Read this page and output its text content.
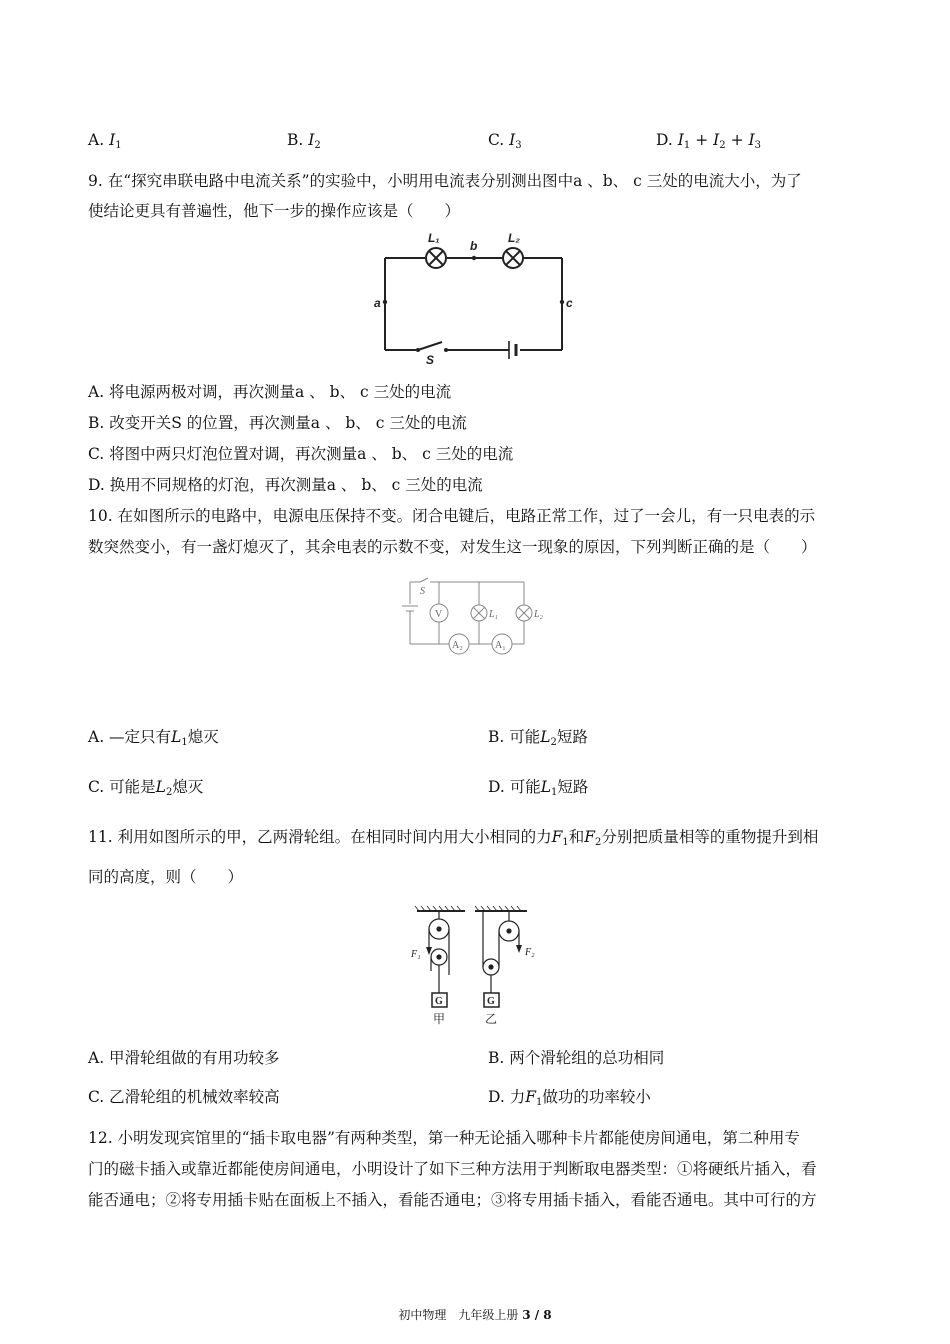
A. $I_1$	B. $I_2$	C. $I_3$	D. $I_1 + I_2 + I_3$
9. 在“探究串联电路中电流关系”的实验中，小明用电流表分别测出图中a 、b、 c 三处的电流大小，为了
使结论更具有普遍性，他下一步的操作应该是（　　）
L₁	L₂
b
a	c
S
A. 将电源两极对调，再次测量a 、 b、 c 三处的电流
B. 改变开关S 的位置，再次测量a 、 b、 c 三处的电流
C. 将图中两只灯泡位置对调，再次测量a 、 b、 c 三处的电流
D. 换用不同规格的灯泡，再次测量a 、 b、 c 三处的电流
10. 在如图所示的电路中，电源电压保持不变。闭合电键后，电路正常工作，过了一会儿，有一只电表的示
数突然变小，有一盏灯熄灭了，其余电表的示数不变，对发生这一现象的原因，下列判断正确的是（　　）
S
V	L₁	L₂
A₂	A₁
A. —定只有$L_1$熄灭	B. 可能$L_2$短路
C. 可能是$L_2$熄灭	D. 可能$L_1$短路
11. 利用如图所示的甲，乙两滑轮组。在相同时间内用大小相同的力$F_1$和$F_2$分别把质量相等的重物提升到相
同的高度，则（　　）
F₁	F₂
G	G
甲	乙
A. 甲滑轮组做的有用功较多	B. 两个滑轮组的总功相同
C. 乙滑轮组的机械效率较高	D. 力$F_1$做功的功率较小
12. 小明发现宾馆里的“插卡取电器”有两种类型，第一种无论插入哪种卡片都能使房间通电，第二种用专
门的磁卡插入或靠近都能使房间通电，小明设计了如下三种方法用于判断取电器类型：①将硬纸片插入，看
能否通电；②将专用插卡贴在面板上不插入，看能否通电；③将专用插卡插入，看能否通电。其中可行的方
初中物理　九年级上册 3 / 8
